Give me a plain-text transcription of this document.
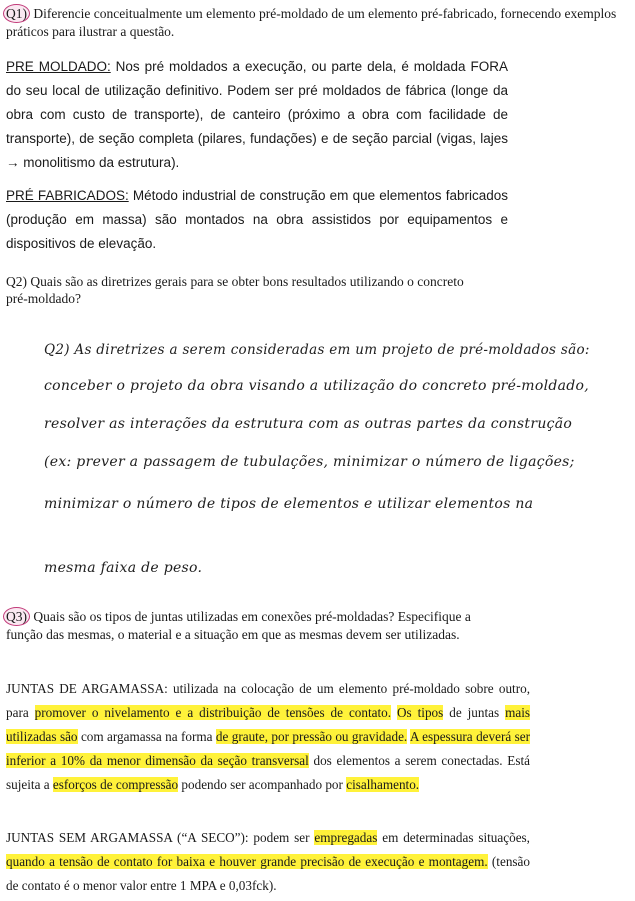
Q1) Diferencie conceitualmente um elemento pré-moldado de um elemento pré-fabricado, fornecendo exemplos práticos para ilustrar a questão.
PRE MOLDADO: Nos pré moldados a execução, ou parte dela, é moldada FORA do seu local de utilização definitivo. Podem ser pré moldados de fábrica (longe da obra com custo de transporte), de canteiro (próximo a obra com facilidade de transporte), de seção completa (pilares, fundações) e de seção parcial (vigas, lajes → monolitismo da estrutura).
PRÉ FABRICADOS: Método industrial de construção em que elementos fabricados (produção em massa) são montados na obra assistidos por equipamentos e dispositivos de elevação.
Q2) Quais são as diretrizes gerais para se obter bons resultados utilizando o concreto pré-moldado?
Q2) As diretrizes a serem consideradas em um projeto de pré-moldados são:
conceber o projeto da obra visando a utilização do concreto pré-moldado,
resolver as interações da estrutura com as outras partes da construção
(ex: prever a passagem de tubulações, minimizar o número de ligações;
minimizar o número de tipos de elementos e utilizar elementos na
mesma faixa de peso.
Q3) Quais são os tipos de juntas utilizadas em conexões pré-moldadas? Especifique a função das mesmas, o material e a situação em que as mesmas devem ser utilizadas.
JUNTAS DE ARGAMASSA: utilizada na colocação de um elemento pré-moldado sobre outro, para promover o nivelamento e a distribuição de tensões de contato. Os tipos de juntas mais utilizadas são com argamassa na forma de graute, por pressão ou gravidade. A espessura deverá ser inferior a 10% da menor dimensão da seção transversal dos elementos a serem conectadas. Está sujeita a esforços de compressão podendo ser acompanhado por cisalhamento.
JUNTAS SEM ARGAMASSA (“A SECO”): podem ser empregadas em determinadas situações, quando a tensão de contato for baixa e houver grande precisão de execução e montagem. (tensão de contato é o menor valor entre 1 MPA e 0,03fck).
